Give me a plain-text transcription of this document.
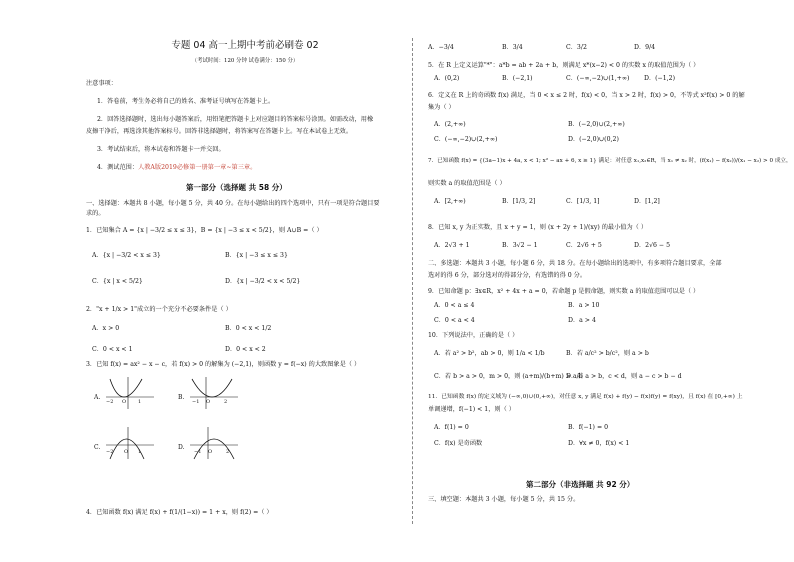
专题 04 高一上期中考前必刷卷 02
（考试时间：120 分钟 试卷满分：150 分）
注意事项：
1．答卷前，考生务必将自己的姓名、准考证号填写在答题卡上。
2．回答选择题时，选出每小题答案后，用铅笔把答题卡上对应题目的答案标号涂黑。如需改动，用橡
皮擦干净后，再选涂其他答案标号。回答非选择题时，将答案写在答题卡上。写在本试卷上无效。
3．考试结束后，将本试卷和答题卡一并交回。
4．测试范围：人教A版2019必修第一册第一章~第三章。
第一部分（选择题 共 58 分）
一、选择题：本题共 8 小题，每小题 5 分，共 40 分。在每小题给出的四个选项中，只有一项是符合题目要
求的。
1．已知集合 A = {x | −3/2 ≤ x ≤ 3}，B = {x | −3 ≤ x < 5/2}，则 A∪B =（ ）
A．{x | −3/2 < x ≤ 3}	B．{x | −3 ≤ x ≤ 3}
C．{x | x < 5/2}	D．{x | −3/2 < x < 5/2}
2．"x + 1/x > 1"成立的一个充分不必要条件是（ ）
A．x > 0	B．0 < x < 1/2
C．0 < x < 1	D．0 < x < 2
3．已知 f(x) = ax² − x − c，若 f(x) > 0 的解集为 (−2,1)，则函数 y = f(−x) 的大致图象是（ ）
A.
−2 O 1
B.
−1 O	2
C.
−2 O 1
D.
−1 O	2
4．已知函数 f(x) 满足 f(x) + f(1/(1−x)) = 1 + x，则 f(2) =（ ）
A．−3/4	B．3/4	C．3/2	D．9/4
5．在 R 上定义运算"*"：a*b = ab + 2a + b，则满足 x*(x−2) < 0 的实数 x 的取值范围为（ ）
A．(0,2)	B．(−2,1)	C．(−∞,−2)∪(1,+∞) D．(−1,2)
6．定义在 R 上的奇函数 f(x) 满足，当 0 < x ≤ 2 时，f(x) < 0，当 x > 2 时，f(x) > 0，不等式 x²f(x) > 0 的解
集为（ ）
A．(2,+∞)	B．(−2,0)∪(2,+∞)
C．(−∞,−2)∪(2,+∞)	D．(−2,0)∪(0,2)
7．已知函数 f(x) = {(3a−1)x + 4a, x < 1; x² − ax + 6, x ≥ 1} 满足：对任意 x₁,x₂∈R，当 x₁ ≠ x₂ 时，(f(x₁) − f(x₂))/(x₁ − x₂) > 0 成立，
则实数 a 的取值范围是（ ）
A．[2,+∞)	B．[1/3, 2]	C．[1/3, 1]	D．[1,2]
8．已知 x, y 为正实数，且 x + y = 1，则 (x + 2y + 1)/(xy) 的最小值为（ ）
A．2√3 + 1	B．3√2 − 1	C．2√6 + 5	D．2√6 − 5
二、多选题：本题共 3 小题，每小题 6 分，共 18 分。在每小题给出的选项中，有多项符合题目要求，全部
选对的得 6 分，部分选对的得部分分，有选错的得 0 分。
9．已知命题 p：∃x∈R，x² + 4x + a = 0，若命题 p 是假命题，则实数 a 的取值范围可以是（ ）
A．0 < a ≤ 4	B．a > 10
C．0 < a < 4	D．a > 4
10．下列说法中，正确的是（ ）
A．若 a² > b²，ab > 0，则 1/a < 1/b	B．若 a/c² > b/c²，则 a > b
C．若 b > a > 0，m > 0，则 (a+m)/(b+m) > a/b
D．若 a > b，c < d，则 a − c > b − d
11．已知函数 f(x) 的定义域为 (−∞,0)∪(0,+∞)，对任意 x, y 满足 f(x) + f(y) − f(x)f(y) = f(xy)，且 f(x) 在 [0,+∞) 上
单调递增，f(−1) < 1，则（ ）
A．f(1) = 0	B．f(−1) = 0
C．f(x) 是奇函数	D．∀x ≠ 0，f(x) < 1
第二部分（非选择题 共 92 分）
三、填空题：本题共 3 小题，每小题 5 分，共 15 分。
